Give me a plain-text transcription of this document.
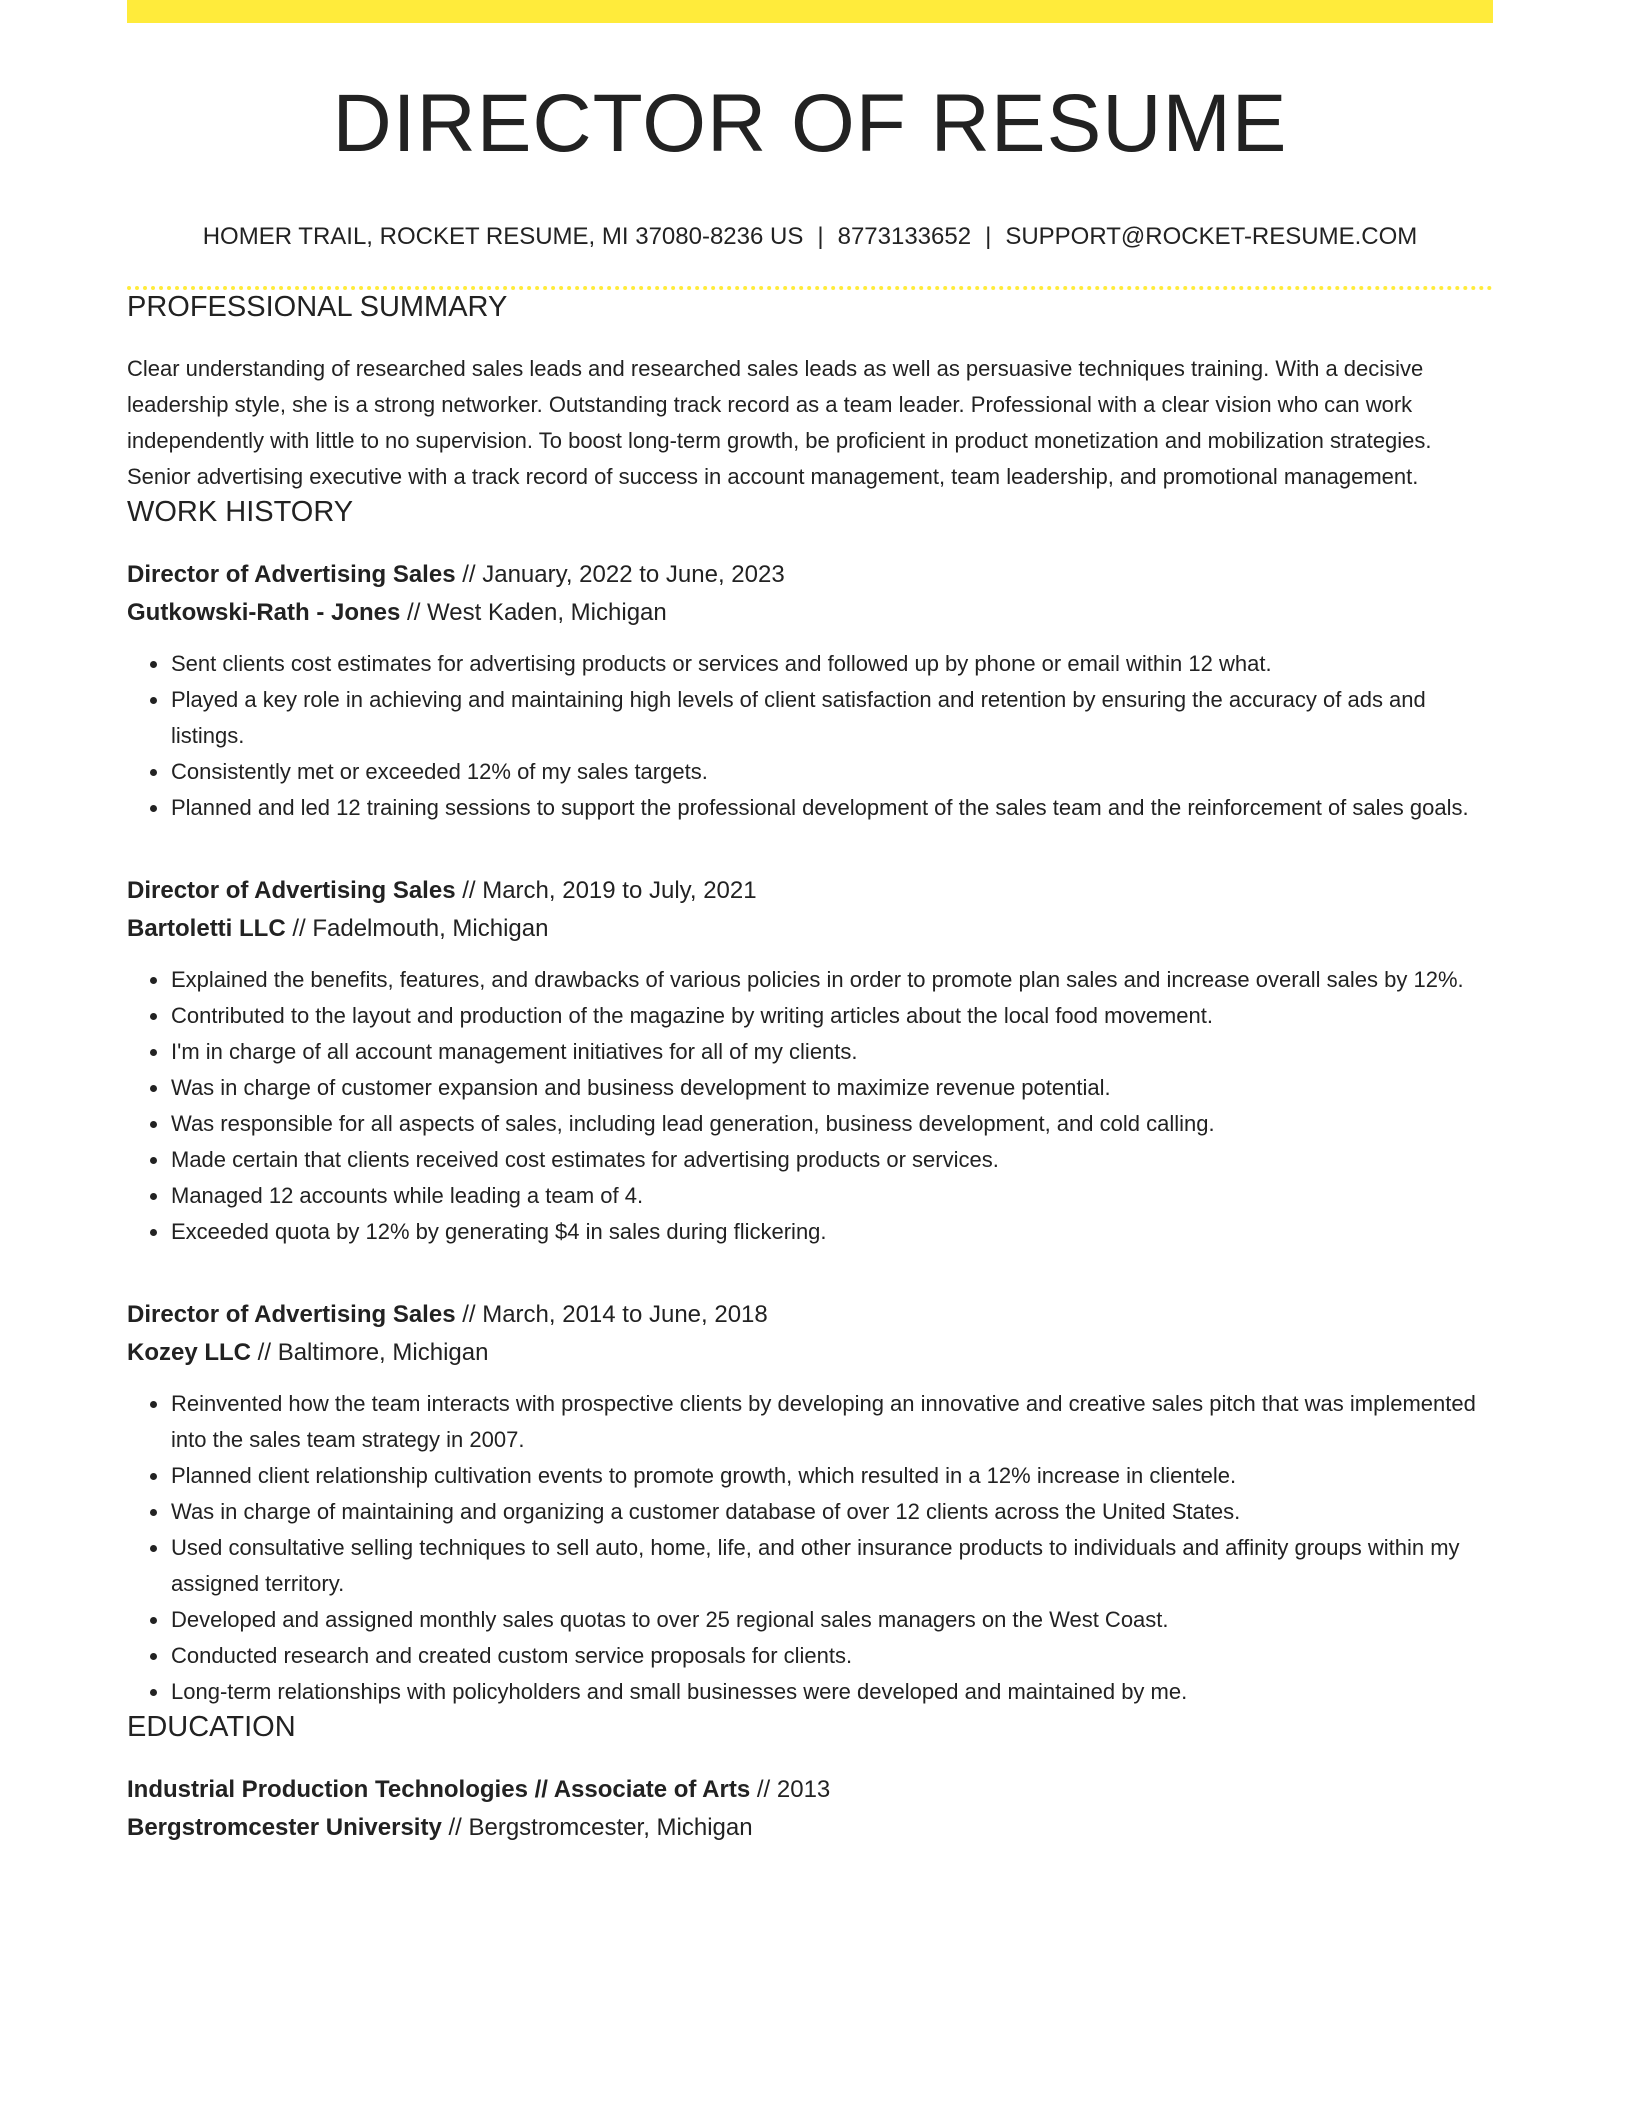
DIRECTOR OF RESUME
HOMER TRAIL, ROCKET RESUME, MI 37080-8236 US | 8773133652 | SUPPORT@ROCKET-RESUME.COM
PROFESSIONAL SUMMARY

Clear understanding of researched sales leads and researched sales leads as well as persuasive techniques training. With a decisive leadership style, she is a strong networker. Outstanding track record as a team leader. Professional with a clear vision who can work independently with little to no supervision. To boost long-term growth, be proficient in product monetization and mobilization strategies. Senior advertising executive with a track record of success in account management, team leadership, and promotional management.

WORK HISTORY
Director of Advertising Sales // January, 2022 to June, 2023
Gutkowski-Rath - Jones // West Kaden, Michigan
• Sent clients cost estimates for advertising products or services and followed up by phone or email within 12 what.
• Played a key role in achieving and maintaining high levels of client satisfaction and retention by ensuring the accuracy of ads and listings.
• Consistently met or exceeded 12% of my sales targets.
• Planned and led 12 training sessions to support the professional development of the sales team and the reinforcement of sales goals.
Director of Advertising Sales // March, 2019 to July, 2021
Bartoletti LLC // Fadelmouth, Michigan
• Explained the benefits, features, and drawbacks of various policies in order to promote plan sales and increase overall sales by 12%.
• Contributed to the layout and production of the magazine by writing articles about the local food movement.
• I'm in charge of all account management initiatives for all of my clients.
• Was in charge of customer expansion and business development to maximize revenue potential.
• Was responsible for all aspects of sales, including lead generation, business development, and cold calling.
• Made certain that clients received cost estimates for advertising products or services.
• Managed 12 accounts while leading a team of 4.
• Exceeded quota by 12% by generating $4 in sales during flickering.
Director of Advertising Sales // March, 2014 to June, 2018
Kozey LLC // Baltimore, Michigan
• Reinvented how the team interacts with prospective clients by developing an innovative and creative sales pitch that was implemented into the sales team strategy in 2007.
• Planned client relationship cultivation events to promote growth, which resulted in a 12% increase in clientele.
• Was in charge of maintaining and organizing a customer database of over 12 clients across the United States.
• Used consultative selling techniques to sell auto, home, life, and other insurance products to individuals and affinity groups within my assigned territory.
• Developed and assigned monthly sales quotas to over 25 regional sales managers on the West Coast.
• Conducted research and created custom service proposals for clients.
• Long-term relationships with policyholders and small businesses were developed and maintained by me.
EDUCATION
Industrial Production Technologies // Associate of Arts // 2013
Bergstromcester University // Bergstromcester, Michigan
